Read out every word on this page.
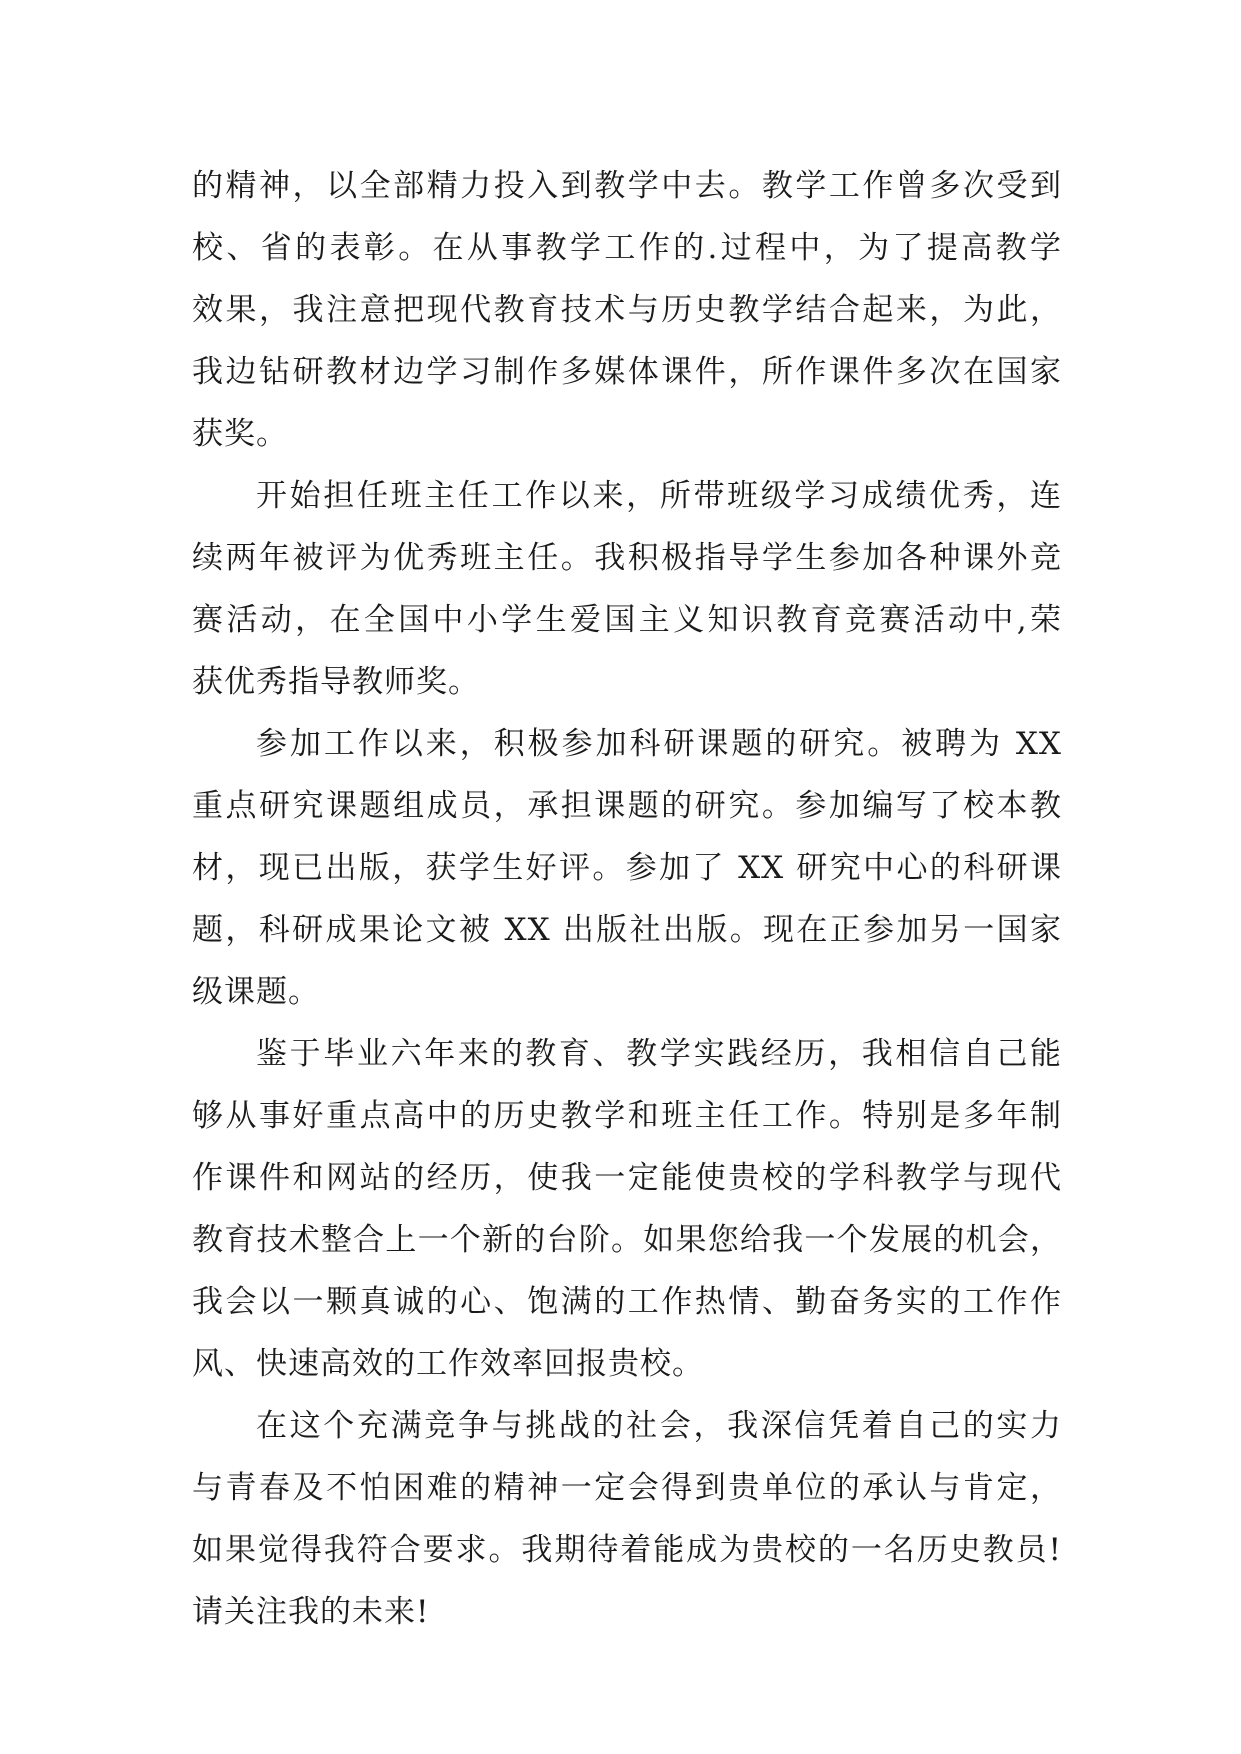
的精神，以全部精力投入到教学中去。教学工作曾多次受到
校、省的表彰。在从事教学工作的.过程中，为了提高教学
效果，我注意把现代教育技术与历史教学结合起来，为此，
我边钻研教材边学习制作多媒体课件，所作课件多次在国家
获奖。
开始担任班主任工作以来，所带班级学习成绩优秀，连
续两年被评为优秀班主任。我积极指导学生参加各种课外竞
赛活动，在全国中小学生爱国主义知识教育竞赛活动中,荣
获优秀指导教师奖。
参加工作以来，积极参加科研课题的研究。被聘为 XX
重点研究课题组成员，承担课题的研究。参加编写了校本教
材，现已出版，获学生好评。参加了 XX 研究中心的科研课
题，科研成果论文被 XX 出版社出版。现在正参加另一国家
级课题。
鉴于毕业六年来的教育、教学实践经历，我相信自己能
够从事好重点高中的历史教学和班主任工作。特别是多年制
作课件和网站的经历，使我一定能使贵校的学科教学与现代
教育技术整合上一个新的台阶。如果您给我一个发展的机会，
我会以一颗真诚的心、饱满的工作热情、勤奋务实的工作作
风、快速高效的工作效率回报贵校。
在这个充满竞争与挑战的社会，我深信凭着自己的实力
与青春及不怕困难的精神一定会得到贵单位的承认与肯定，
如果觉得我符合要求。我期待着能成为贵校的一名历史教员!
请关注我的未来!
